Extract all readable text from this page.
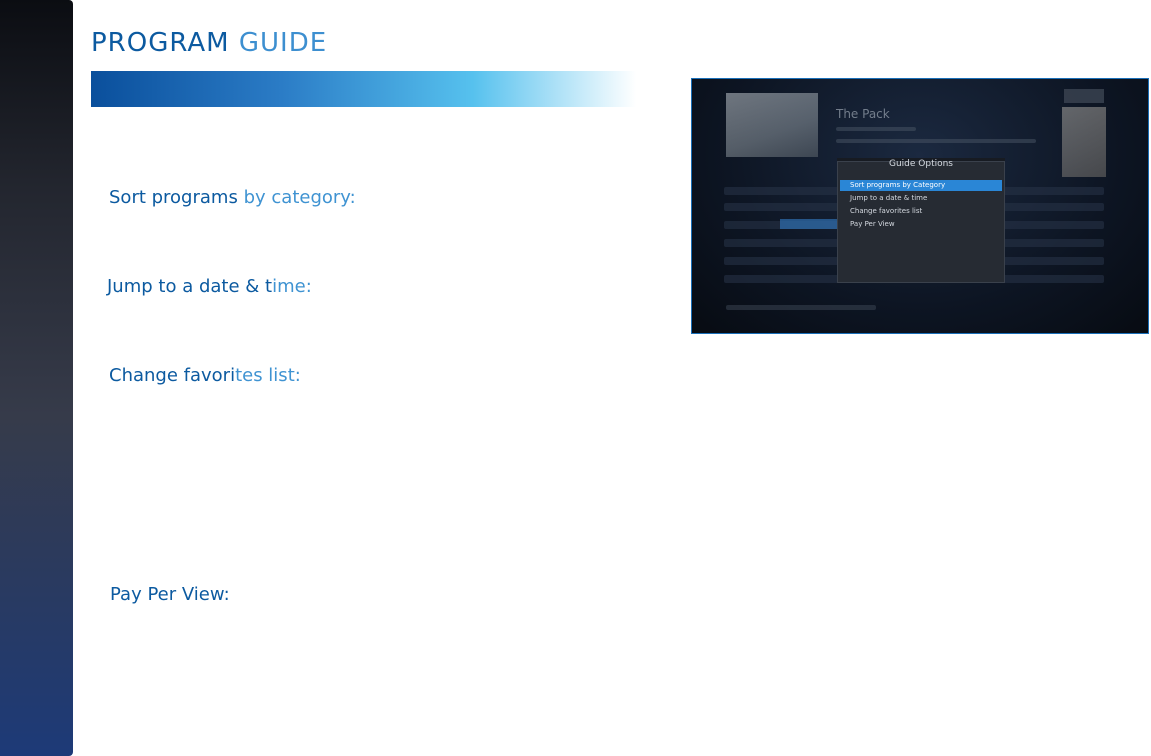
PROGRAM GUIDE
Sort programs by category:
Jump to a date & time:
Change favorites list:
Pay Per View:
The Pack
Guide Options
Sort programs by Category
Jump to a date & time
Change favorites list
Pay Per View
